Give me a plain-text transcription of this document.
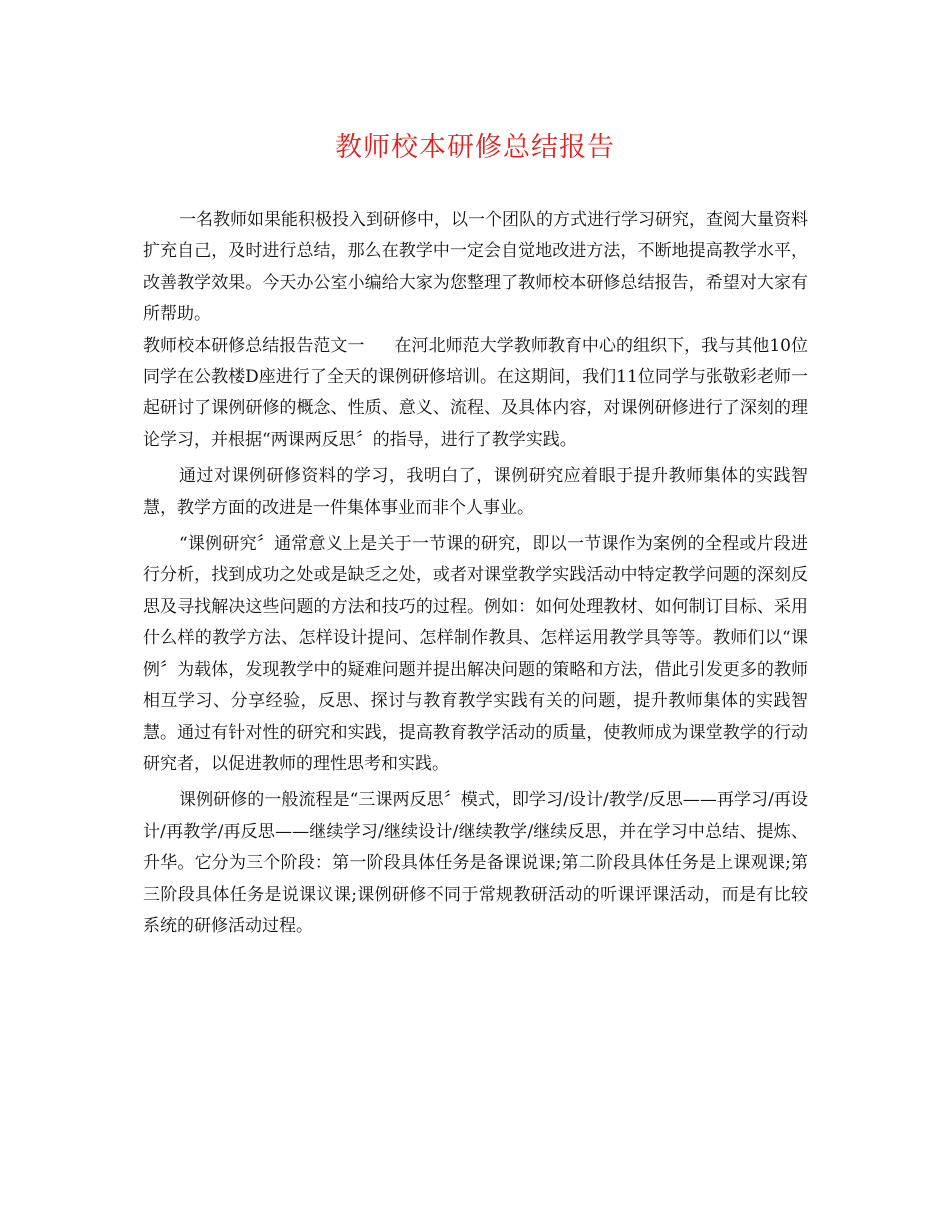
教师校本研修总结报告

一名教师如果能积极投入到研修中，以一个团队的方式进行学习研究，查阅大量资料扩充自己，及时进行总结，那么在教学中一定会自觉地改进方法，不断地提高教学水平，改善教学效果。今天办公室小编给大家为您整理了教师校本研修总结报告，希望对大家有所帮助。

教师校本研修总结报告范文一 在河北师范大学教师教育中心的组织下，我与其他10位同学在公教楼D座进行了全天的课例研修培训。在这期间，我们11位同学与张敬彩老师一起研讨了课例研修的概念、性质、意义、流程、及具体内容，对课例研修进行了深刻的理论学习，并根据“两课两反思〞的指导，进行了教学实践。

通过对课例研修资料的学习，我明白了，课例研究应着眼于提升教师集体的实践智慧，教学方面的改进是一件集体事业而非个人事业。

“课例研究〞通常意义上是关于一节课的研究，即以一节课作为案例的全程或片段进行分析，找到成功之处或是缺乏之处，或者对课堂教学实践活动中特定教学问题的深刻反思及寻找解决这些问题的方法和技巧的过程。例如：如何处理教材、如何制订目标、采用什么样的教学方法、怎样设计提问、怎样制作教具、怎样运用教学具等等。教师们以“课例〞为载体，发现教学中的疑难问题并提出解决问题的策略和方法，借此引发更多的教师相互学习、分享经验，反思、探讨与教育教学实践有关的问题，提升教师集体的实践智慧。通过有针对性的研究和实践，提高教育教学活动的质量，使教师成为课堂教学的行动研究者，以促进教师的理性思考和实践。

课例研修的一般流程是“三课两反思〞模式，即学习/设计/教学/反思——再学习/再设计/再教学/再反思——继续学习/继续设计/继续教学/继续反思，并在学习中总结、提炼、升华。它分为三个阶段：第一阶段具体任务是备课说课;第二阶段具体任务是上课观课;第三阶段具体任务是说课议课;课例研修不同于常规教研活动的听课评课活动，而是有比较系统的研修活动过程。
